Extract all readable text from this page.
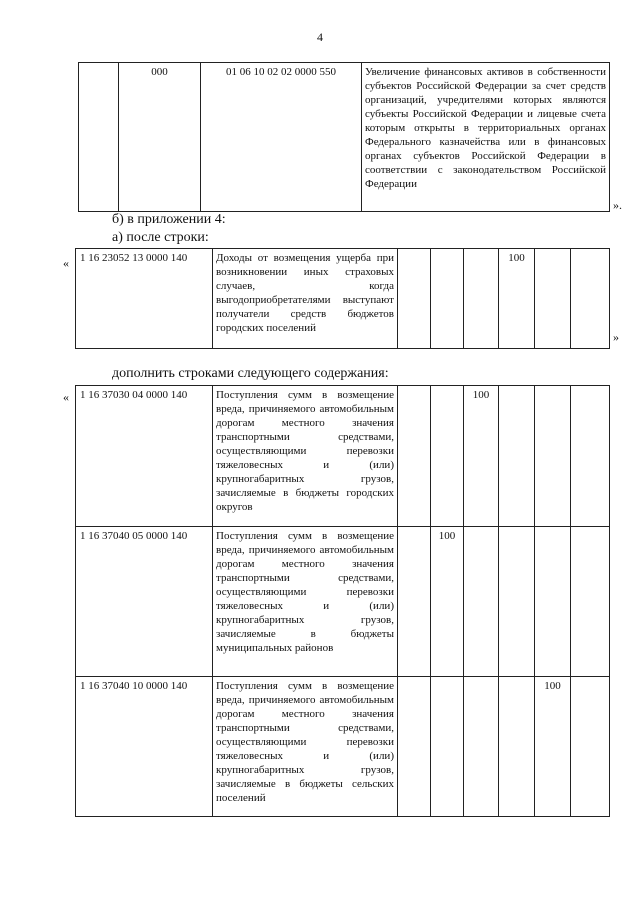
4
	000	01 06 10 02 02 0000 550	Увеличение финансовых активов в собственности субъектов Российской Федерации за счет средств организаций, учредителями которых являются субъекты Российской Федерации и лицевые счета которым открыты в территориальных органах Федерального казначейства или в финансовых органах субъектов Российской Федерации в соответствии с законодательством Российской Федерации
».
б) в приложении 4:
а) после строки:
« 1 16 23052 13 0000 140	Доходы от возмещения ущерба при возникновении иных страховых случаев, когда выгодоприобретателями выступают получатели средств бюджетов городских поселений				100		
»
дополнить строками следующего содержания:
« 1 16 37030 04 0000 140	Поступления сумм в возмещение вреда, причиняемого автомобильным дорогам местного значения транспортными средствами, осуществляющими перевозки тяжеловесных и (или) крупногабаритных грузов, зачисляемые в бюджеты городских округов			100			
1 16 37040 05 0000 140	Поступления сумм в возмещение вреда, причиняемого автомобильным дорогам местного значения транспортными средствами, осуществляющими перевозки тяжеловесных и (или) крупногабаритных грузов, зачисляемые в бюджеты муниципальных районов		100				
1 16 37040 10 0000 140	Поступления сумм в возмещение вреда, причиняемого автомобильным дорогам местного значения транспортными средствами, осуществляющими перевозки тяжеловесных и (или) крупногабаритных грузов, зачисляемые в бюджеты сельских поселений					100	
